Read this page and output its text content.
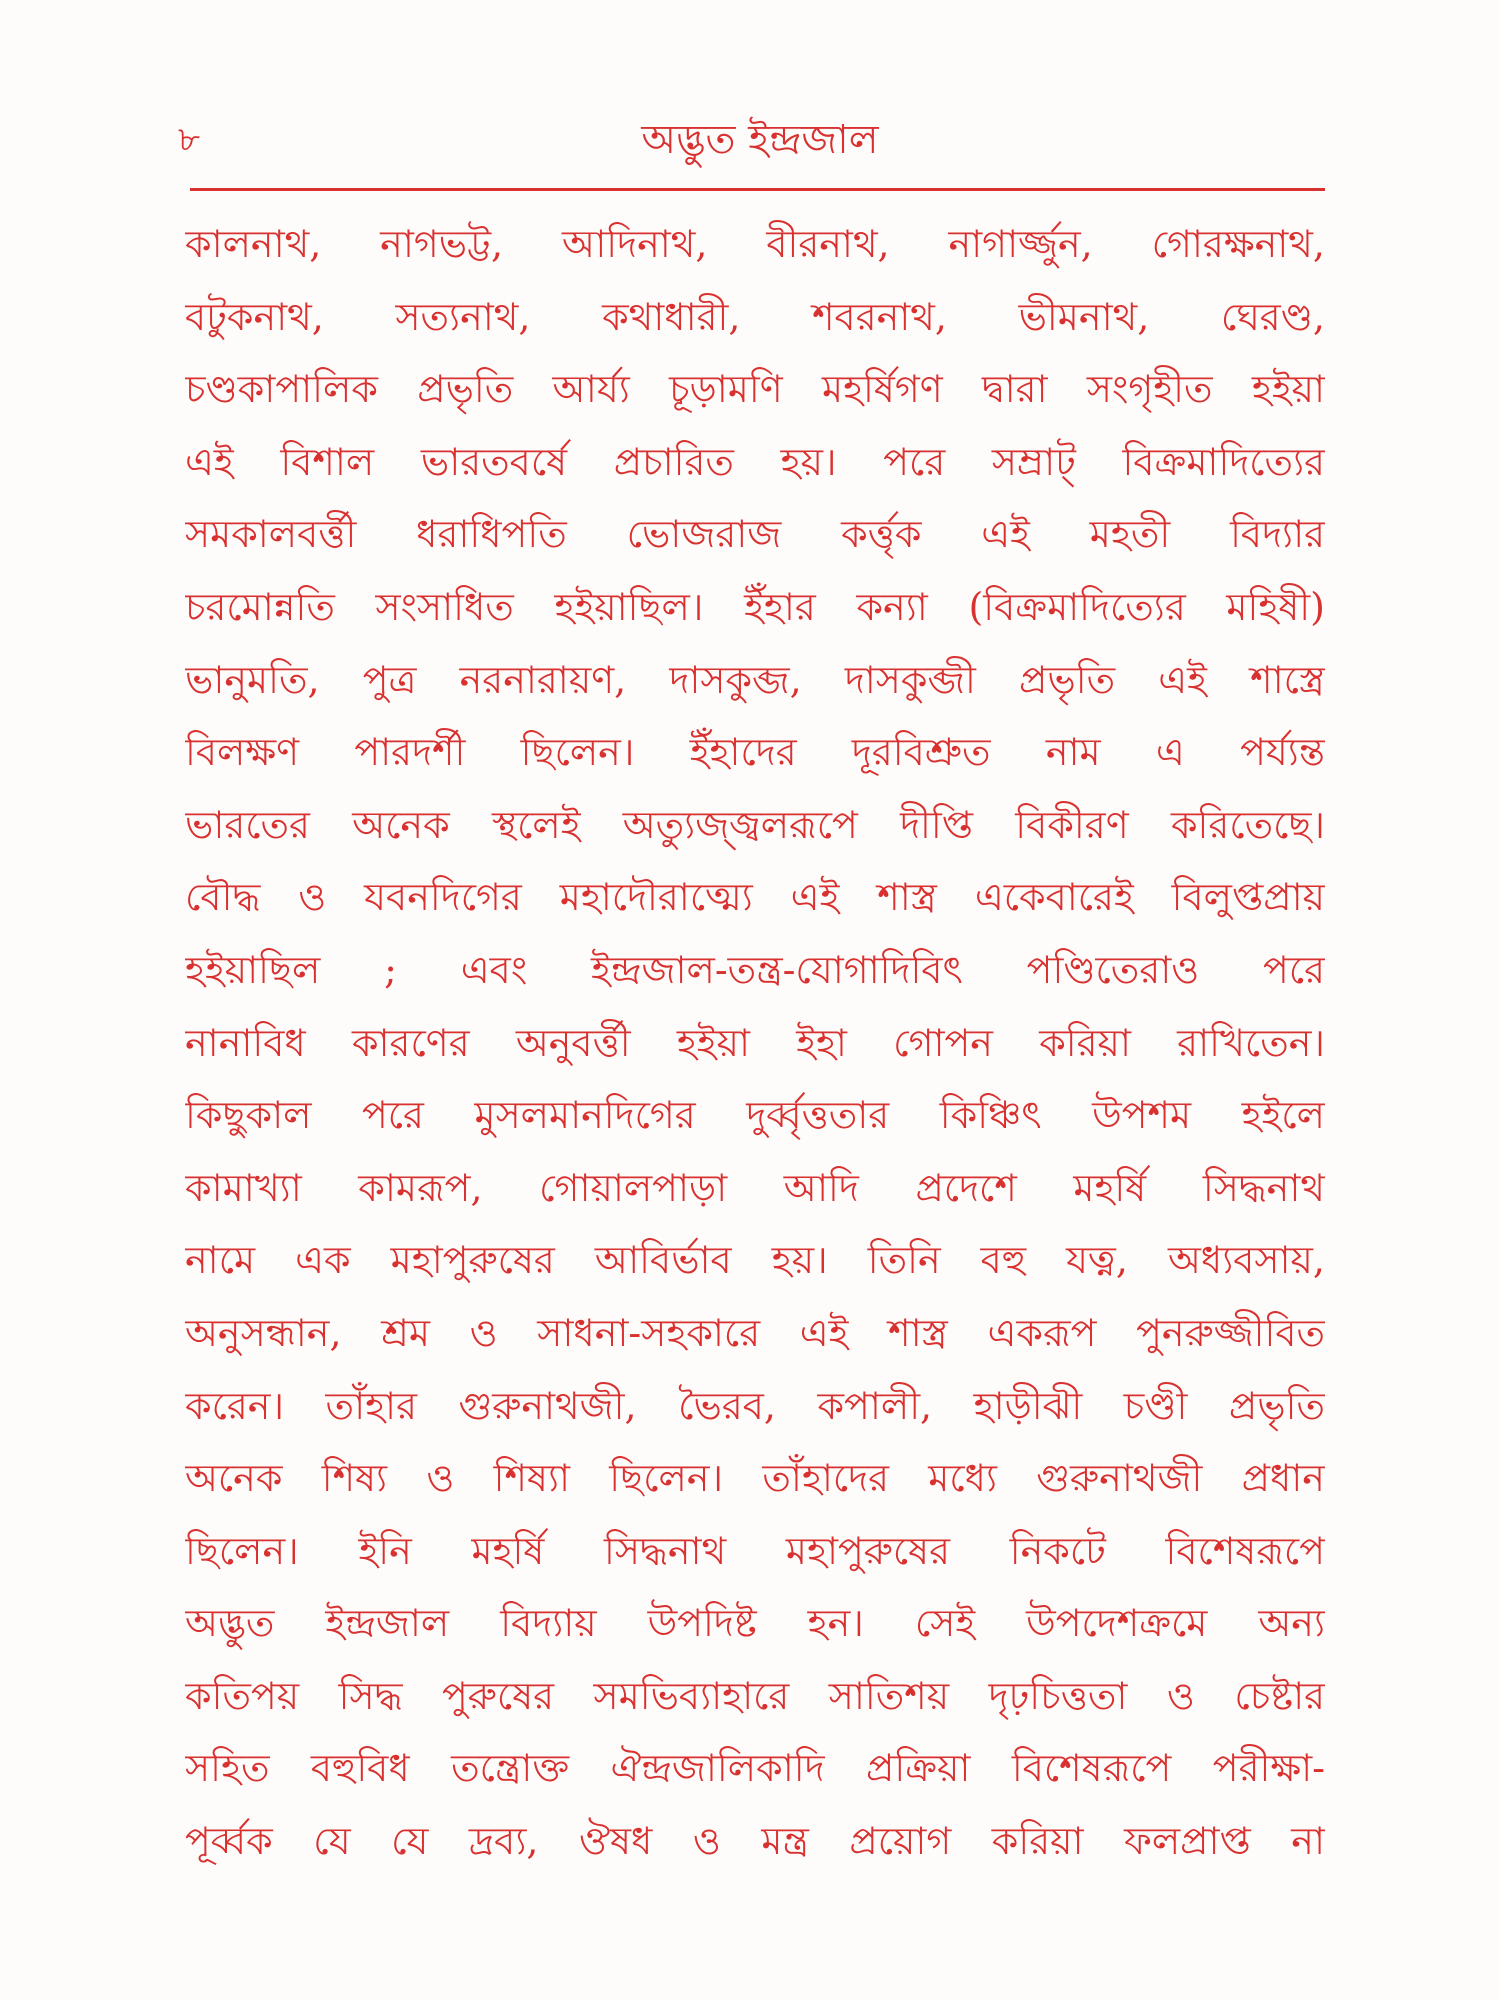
৮	অদ্ভুত ইন্দ্রজাল
কালনাথ, নাগভট্ট, আদিনাথ, বীরনাথ, নাগার্জ্জুন, গোরক্ষনাথ,
বটুকনাথ, সত্যনাথ, কথাধারী, শবরনাথ, ভীমনাথ, ঘেরণ্ড,
চণ্ডকাপালিক প্রভৃতি আর্য্য চূড়ামণি মহর্ষিগণ দ্বারা সংগৃহীত হইয়া
এই বিশাল ভারতবর্ষে প্রচারিত হয়। পরে সম্রাট্ বিক্রমাদিত্যের
সমকালবর্ত্তী ধরাধিপতি ভোজরাজ কর্ত্তৃক এই মহতী বিদ্যার
চরমোন্নতি সংসাধিত হইয়াছিল। ইঁহার কন্যা (বিক্রমাদিত্যের মহিষী)
ভানুমতি, পুত্র নরনারায়ণ, দাসকুব্জ, দাসকুব্জী প্রভৃতি এই শাস্ত্রে
বিলক্ষণ পারদর্শী ছিলেন। ইঁহাদের দূরবিশ্রুত নাম এ পর্য্যন্ত
ভারতের অনেক স্থলেই অত্যুজ্জ্বলরূপে দীপ্তি বিকীরণ করিতেছে।
বৌদ্ধ ও যবনদিগের মহাদৌরাত্ম্যে এই শাস্ত্র একেবারেই বিলুপ্তপ্রায়
হইয়াছিল ; এবং ইন্দ্রজাল-তন্ত্র-যোগাদিবিৎ পণ্ডিতেরাও পরে
নানাবিধ কারণের অনুবর্ত্তী হইয়া ইহা গোপন করিয়া রাখিতেন।
কিছুকাল পরে মুসলমানদিগের দুর্ব্বৃত্ততার কিঞ্চিৎ উপশম হইলে
কামাখ্যা কামরূপ, গোয়ালপাড়া আদি প্রদেশে মহর্ষি সিদ্ধনাথ
নামে এক মহাপুরুষের আবির্ভাব হয়। তিনি বহু যত্ন, অধ্যবসায়,
অনুসন্ধান, শ্রম ও সাধনা-সহকারে এই শাস্ত্র একরূপ পুনরুজ্জীবিত
করেন। তাঁহার গুরুনাথজী, ভৈরব, কপালী, হাড়ীঝী চণ্ডী প্রভৃতি
অনেক শিষ্য ও শিষ্যা ছিলেন। তাঁহাদের মধ্যে গুরুনাথজী প্রধান
ছিলেন। ইনি মহর্ষি সিদ্ধনাথ মহাপুরুষের নিকটে বিশেষরূপে
অদ্ভুত ইন্দ্রজাল বিদ্যায় উপদিষ্ট হন। সেই উপদেশক্রমে অন্য
কতিপয় সিদ্ধ পুরুষের সমভিব্যাহারে সাতিশয় দৃঢ়চিত্ততা ও চেষ্টার
সহিত বহুবিধ তন্ত্রোক্ত ঐন্দ্রজালিকাদি প্রক্রিয়া বিশেষরূপে পরীক্ষা-
পূর্ব্বক যে যে দ্রব্য, ঔষধ ও মন্ত্র প্রয়োগ করিয়া ফলপ্রাপ্ত না
